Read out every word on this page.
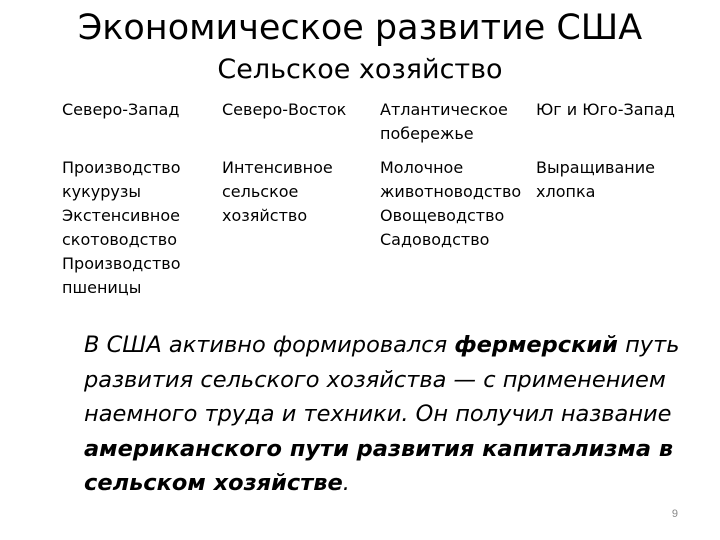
Экономическое развитие США
Сельское хозяйство
Северо-Запад	Северо-Восток	Атлантическое
побережье
Юг и Юго-Запад
Производство
кукурузы
Экстенсивное
скотоводство
Производство
пшеницы
Интенсивное
сельское
хозяйство
Молочное
животноводство
Овощеводство
Садоводство
Выращивание
хлопка
В США активно формировался фермерский путь развития сельского хозяйства — с применением наемного труда и техники. Он получил название американского пути развития капитализма в сельском хозяйстве.
9
